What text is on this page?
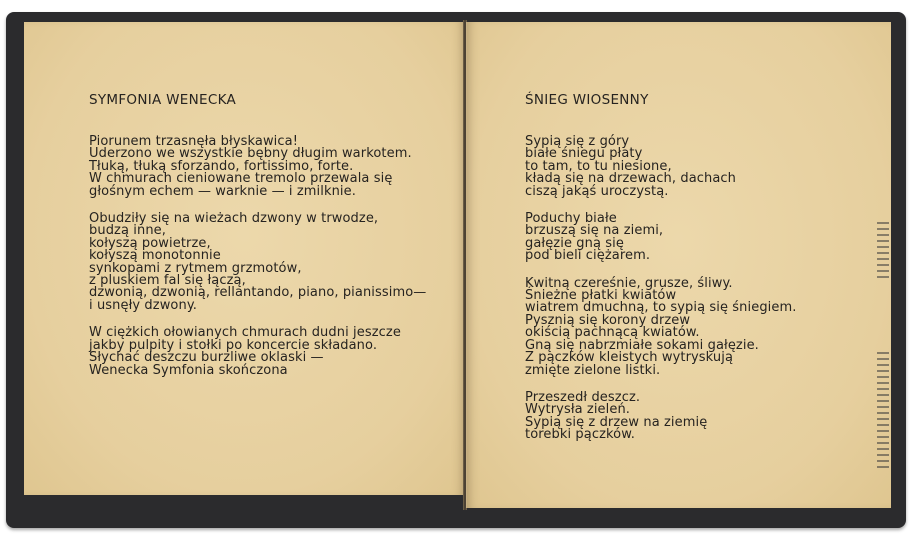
SYMFONIA WENECKA
Piorunem trzasnęła błyskawica!
Uderzono we wszystkie bębny długim warkotem.
Tłuką, tłuką sforzando, fortissimo, forte.
W chmurach cieniowane tremolo przewala się
głośnym echem — warknie — i zmilknie.
Obudziły się na wieżach dzwony w trwodze,
budzą inne,
kołyszą powietrze,
kołyszą monotonnie
synkopami z rytmem grzmotów,
z pluskiem fal się łączą,
dzwonią, dzwonią, rellantando, piano, pianissimo—
i usnęły dzwony.
W ciężkich ołowianych chmurach dudni jeszcze
jakby pulpity i stołki po koncercie składano.
Słychać deszczu burzliwe oklaski —
Wenecka Symfonia skończona
ŚNIEG WIOSENNY
Sypią się z góry
białe śniegu płaty
to tam, to tu niesione,
kładą się na drzewach, dachach
ciszą jakąś uroczystą.
Poduchy białe
brzuszą się na ziemi,
gałęzie gną się
pod bieli ciężarem.
Kwitną czereśnie, grusze, śliwy.
Śnieżne płatki kwiatów
wiatrem dmuchną, to sypią się śniegiem.
Pysznią się korony drzew
okiścią pachnącą kwiatów.
Gną się nabrzmiałe sokami gałęzie.
Z pączków kleistych wytryskują
zmięte zielone listki.
Przeszedł deszcz.
Wytrysła zieleń.
Sypią się z drzew na ziemię
torebki pączków.
